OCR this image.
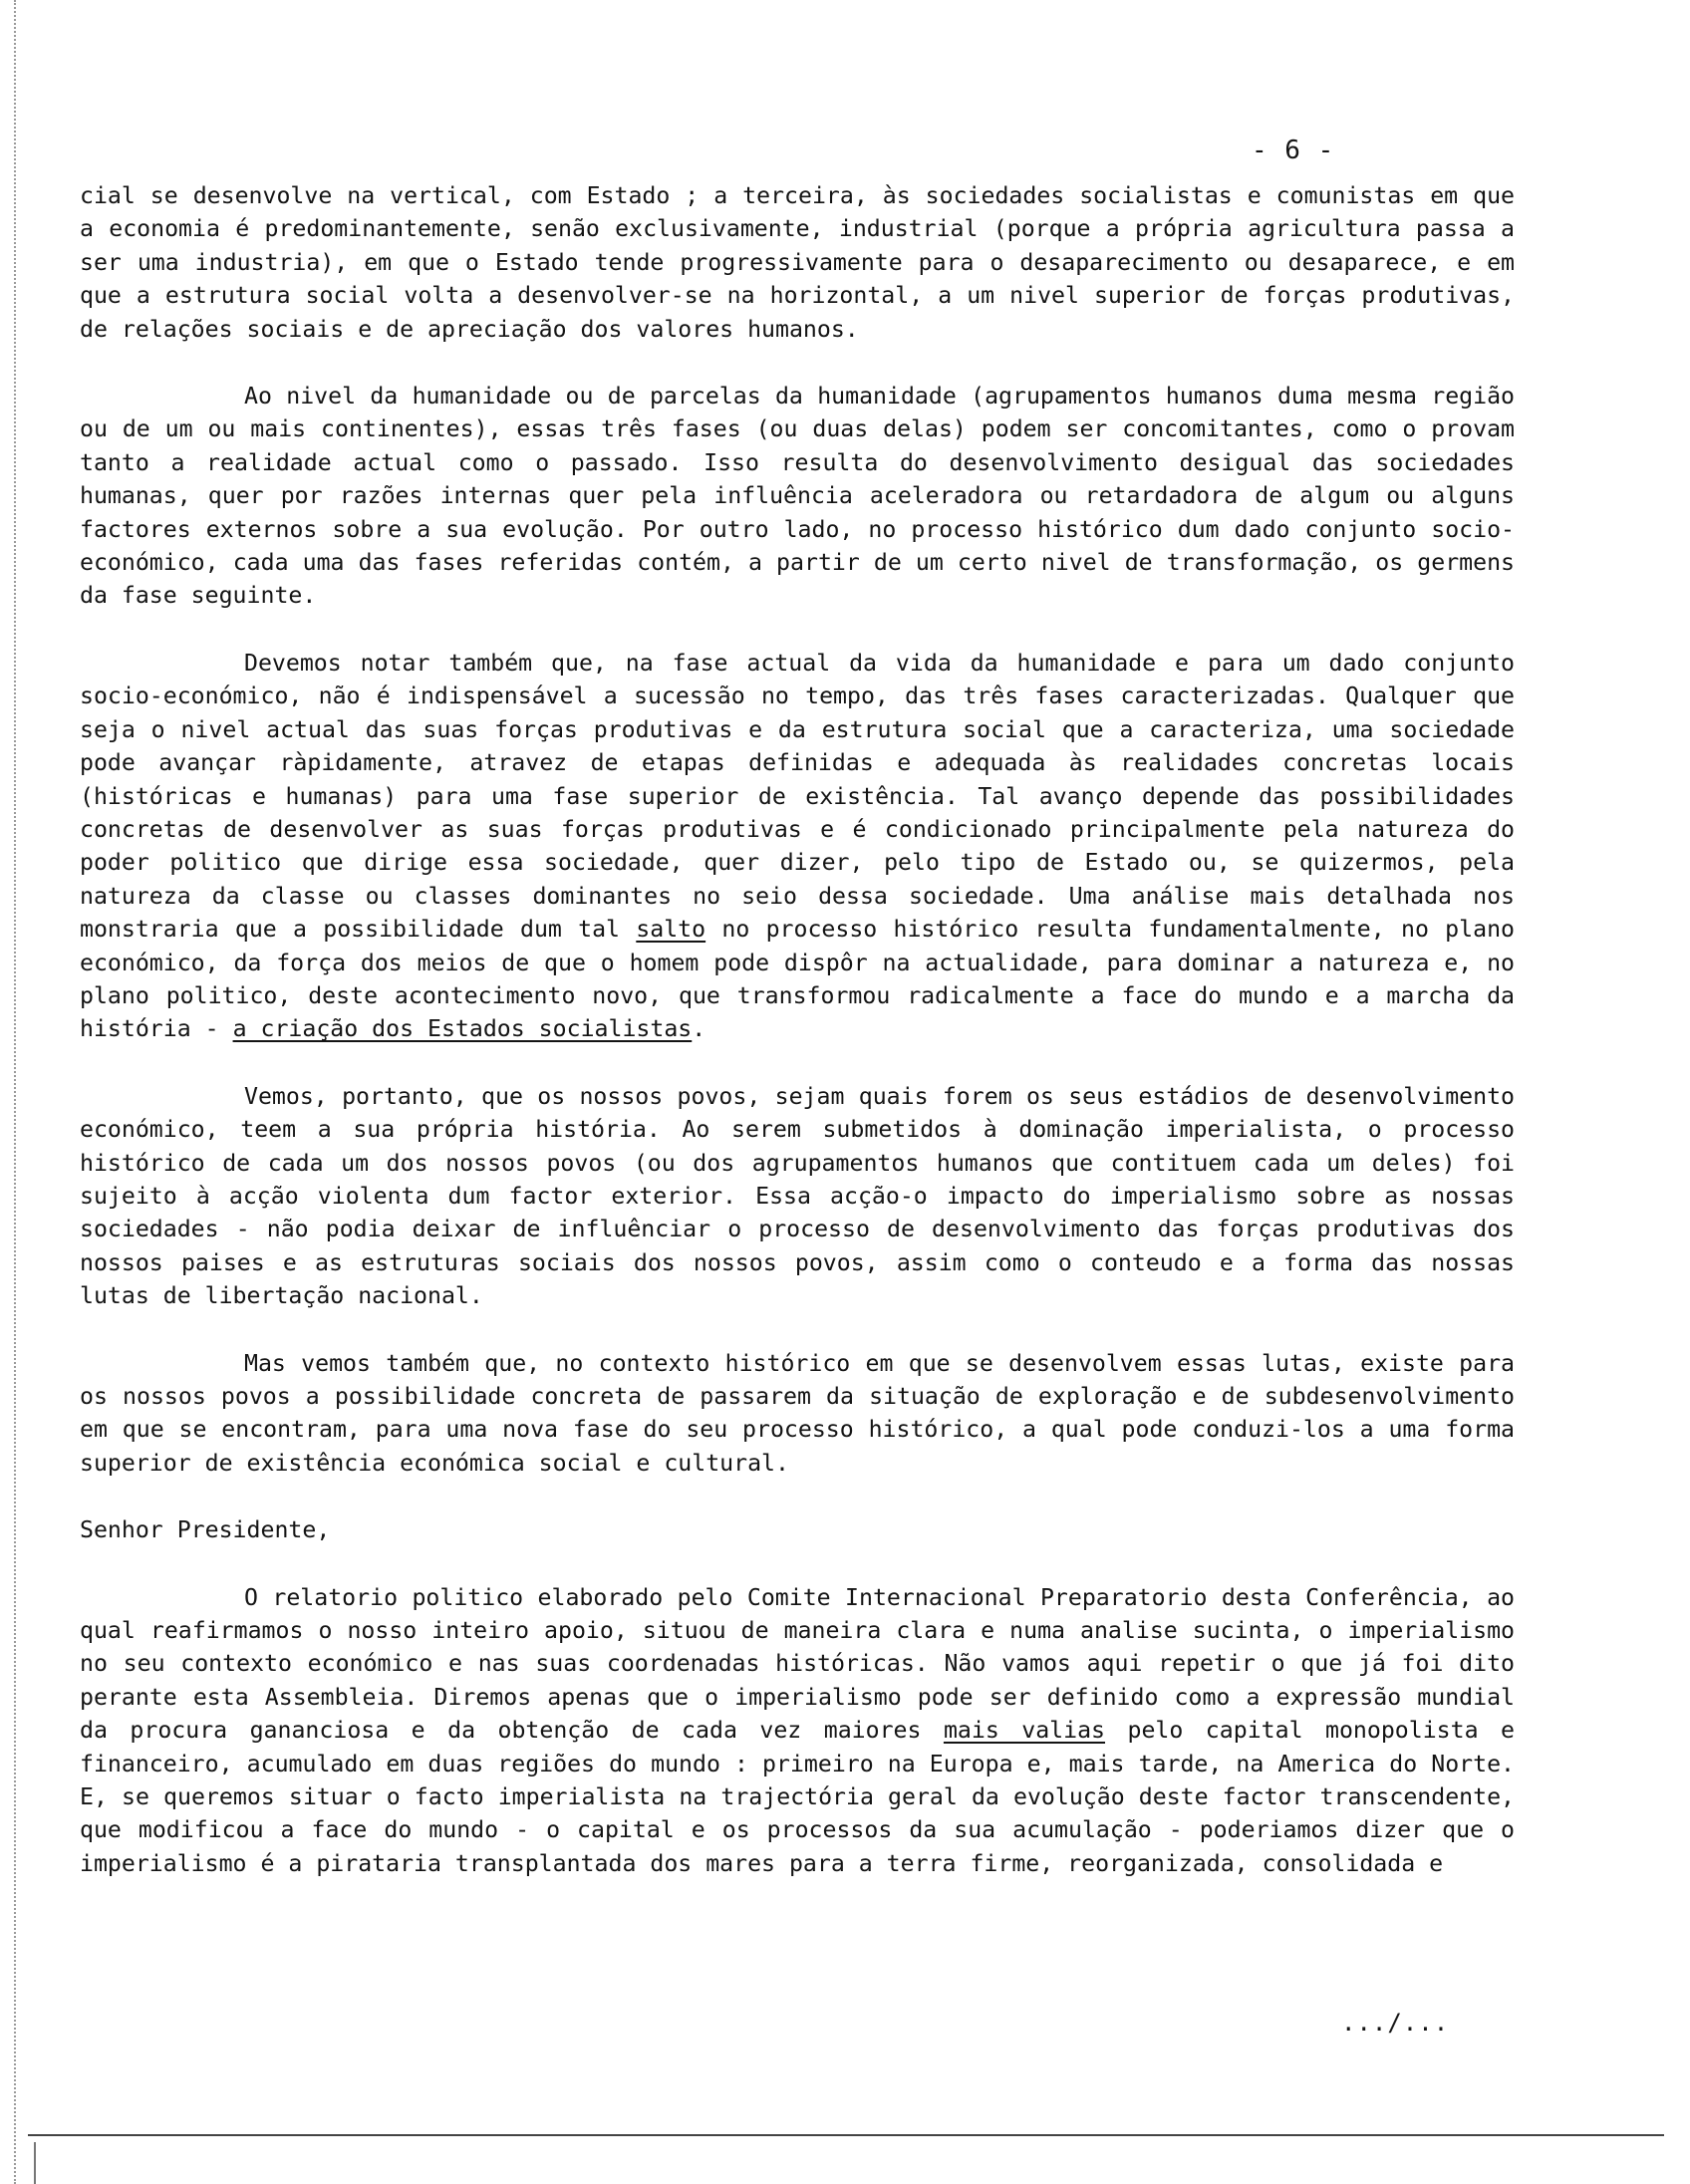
- 6 -

cial se desenvolve na vertical, com Estado ; a terceira, às sociedades socialistas e comunistas em que a economia é predominantemente, senão exclusivamente, industrial (porque a própria agricultura passa a ser uma industria), em que o Estado tende progressivamente para o desaparecimento ou desaparece, e em que a estrutura social volta a desenvolver-se na horizontal, a um nivel superior de forças produtivas, de relações sociais e de apreciação dos valores humanos.

Ao nivel da humanidade ou de parcelas da humanidade (agrupamentos humanos duma mesma região ou de um ou mais continentes), essas três fases (ou duas delas) podem ser concomitantes, como o provam tanto a realidade actual como o passado. Isso resulta do desenvolvimento desigual das sociedades humanas, quer por razões internas quer pela influência aceleradora ou retardadora de algum ou alguns factores externos sobre a sua evolução. Por outro lado, no processo histórico dum dado conjunto socio-económico, cada uma das fases referidas contém, a partir de um certo nivel de transformação, os germens da fase seguinte.

Devemos notar também que, na fase actual da vida da humanidade e para um dado conjunto socio-económico, não é indispensável a sucessão no tempo, das três fases caracterizadas. Qualquer que seja o nivel actual das suas forças produtivas e da estrutura social que a caracteriza, uma sociedade pode avançar ràpidamente, atravez de etapas definidas e adequada às realidades concretas locais (históricas e humanas) para uma fase superior de existência. Tal avanço depende das possibilidades concretas de desenvolver as suas forças produtivas e é condicionado principalmente pela natureza do poder politico que dirige essa sociedade, quer dizer, pelo tipo de Estado ou, se quizermos, pela natureza da classe ou classes dominantes no seio dessa sociedade. Uma análise mais detalhada nos monstraria que a possibilidade dum tal salto no processo histórico resulta fundamentalmente, no plano económico, da força dos meios de que o homem pode dispôr na actualidade, para dominar a natureza e, no plano politico, deste acontecimento novo, que transformou radicalmente a face do mundo e a marcha da história - a criação dos Estados socialistas.

Vemos, portanto, que os nossos povos, sejam quais forem os seus estádios de desenvolvimento económico, teem a sua própria história. Ao serem submetidos à dominação imperialista, o processo histórico de cada um dos nossos povos (ou dos agrupamentos humanos que contituem cada um deles) foi sujeito à acção violenta dum factor exterior. Essa acção-o impacto do imperialismo sobre as nossas sociedades - não podia deixar de influênciar o processo de desenvolvimento das forças produtivas dos nossos paises e as estruturas sociais dos nossos povos, assim como o conteudo e a forma das nossas lutas de libertação nacional.

Mas vemos também que, no contexto histórico em que se desenvolvem essas lutas, existe para os nossos povos a possibilidade concreta de passarem da situação de exploração e de subdesenvolvimento em que se encontram, para uma nova fase do seu processo histórico, a qual pode conduzi-los a uma forma superior de existência económica social e cultural.

Senhor Presidente,

O relatorio politico elaborado pelo Comite Internacional Preparatorio desta Conferência, ao qual reafirmamos o nosso inteiro apoio, situou de maneira clara e numa analise sucinta, o imperialismo no seu contexto económico e nas suas coordenadas históricas. Não vamos aqui repetir o que já foi dito perante esta Assembleia. Diremos apenas que o imperialismo pode ser definido como a expressão mundial da procura gananciosa e da obtenção de cada vez maiores mais valias pelo capital monopolista e financeiro, acumulado em duas regiões do mundo : primeiro na Europa e, mais tarde, na America do Norte. E, se queremos situar o facto imperialista na trajectória geral da evolução deste factor transcendente, que modificou a face do mundo - o capital e os processos da sua acumulação - poderiamos dizer que o imperialismo é a pirataria transplantada dos mares para a terra firme, reorganizada, consolidada e

.../...
